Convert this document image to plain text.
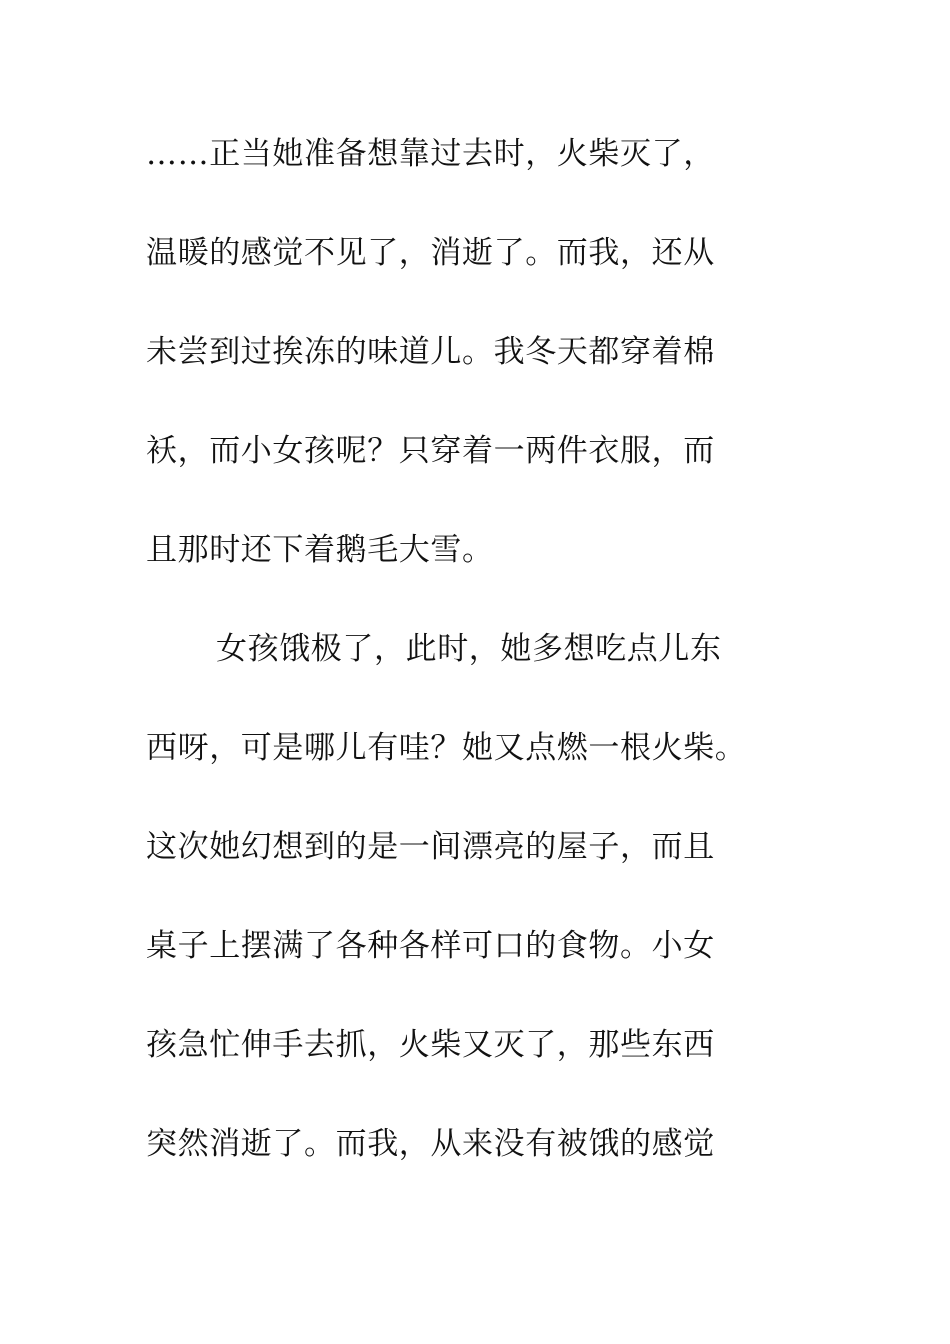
……正当她准备想靠过去时，火柴灭了，
温暖的感觉不见了，消逝了。而我，还从
未尝到过挨冻的味道儿。我冬天都穿着棉
袄，而小女孩呢？只穿着一两件衣服，而
且那时还下着鹅毛大雪。
女孩饿极了，此时，她多想吃点儿东
西呀，可是哪儿有哇？她又点燃一根火柴。
这次她幻想到的是一间漂亮的屋子，而且
桌子上摆满了各种各样可口的食物。小女
孩急忙伸手去抓，火柴又灭了，那些东西
突然消逝了。而我，从来没有被饿的感觉
